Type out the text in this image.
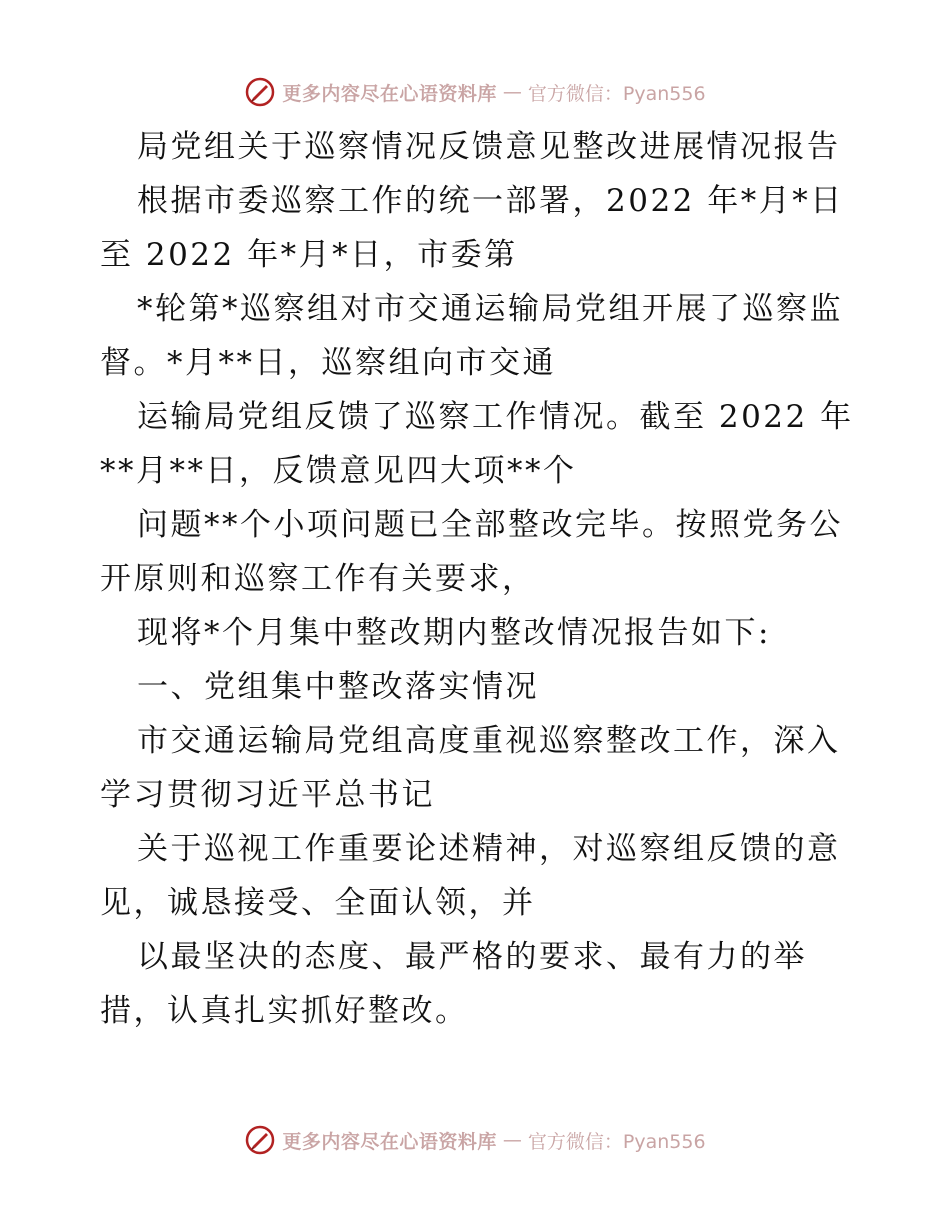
更多内容尽在心语资料库 — 官方微信：Pyan556

局党组关于巡察情况反馈意见整改进展情况报告

根据市委巡察工作的统一部署，2022 年*月*日至 2022 年*月*日，市委第

*轮第*巡察组对市交通运输局党组开展了巡察监督。*月**日，巡察组向市交通

运输局党组反馈了巡察工作情况。截至 2022 年**月**日，反馈意见四大项**个

问题**个小项问题已全部整改完毕。按照党务公开原则和巡察工作有关要求，

现将*个月集中整改期内整改情况报告如下:

一、党组集中整改落实情况

市交通运输局党组高度重视巡察整改工作，深入学习贯彻习近平总书记

关于巡视工作重要论述精神，对巡察组反馈的意见，诚恳接受、全面认领，并

以最坚决的态度、最严格的要求、最有力的举措，认真扎实抓好整改。

更多内容尽在心语资料库 — 官方微信：Pyan556
